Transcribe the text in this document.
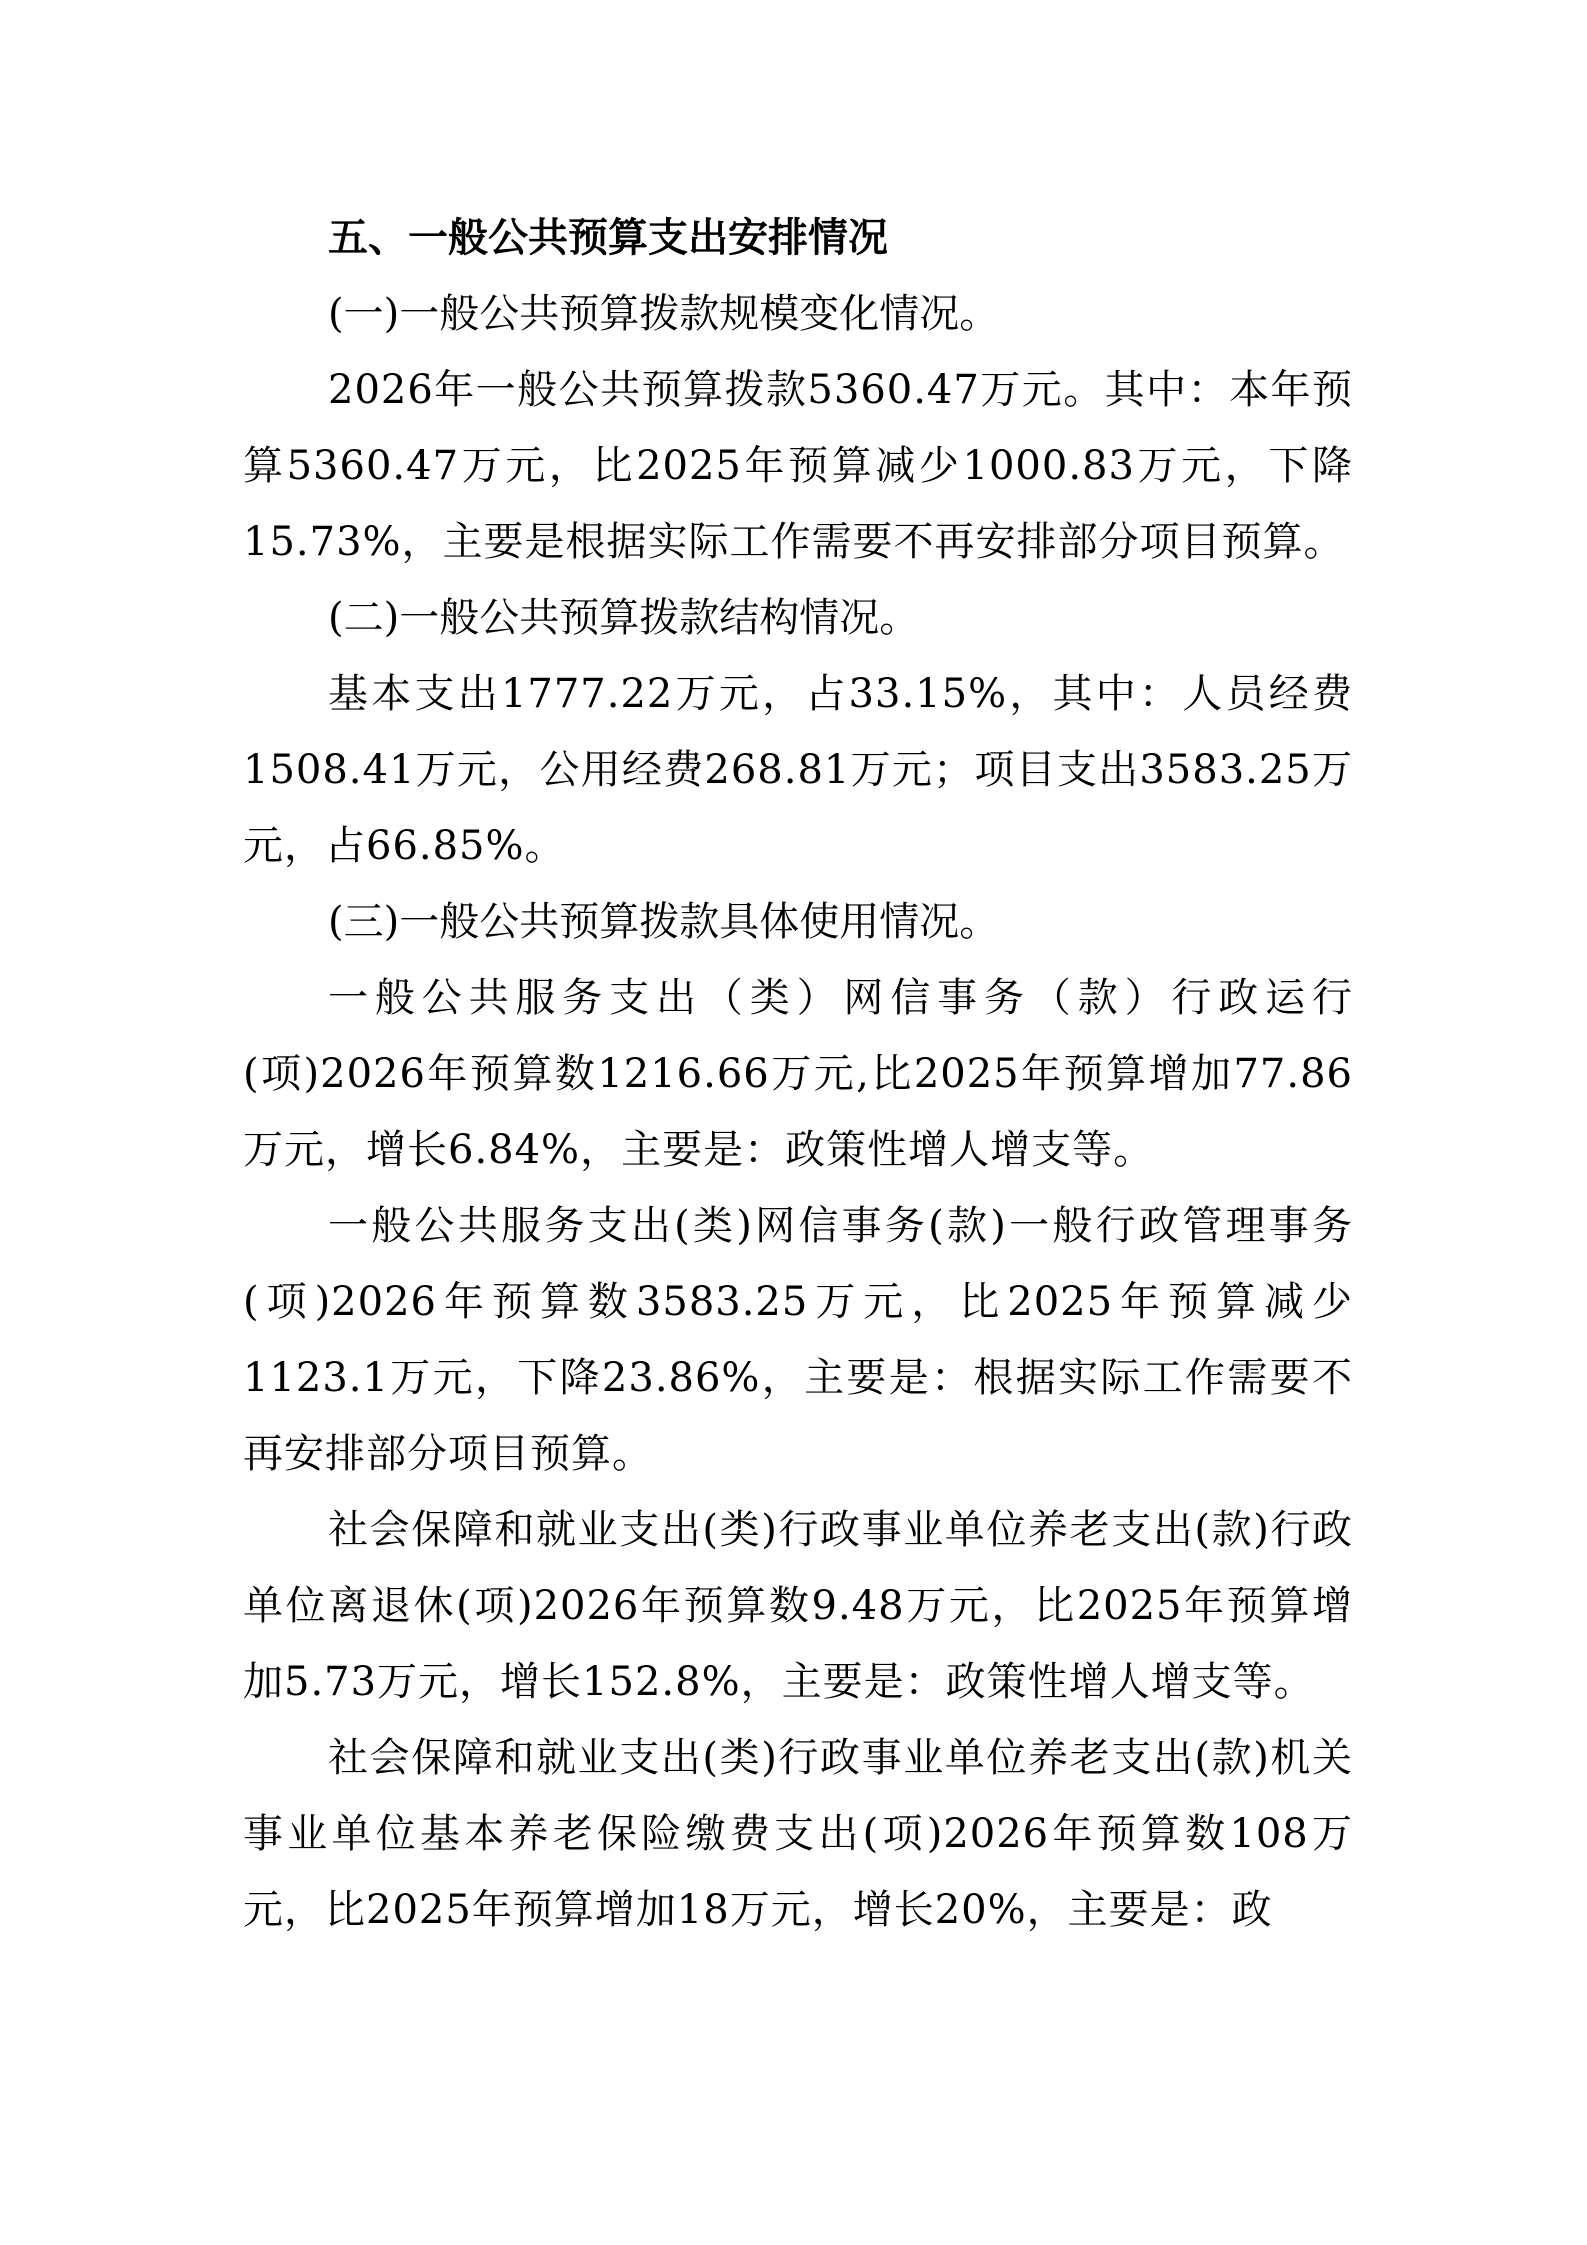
五、一般公共预算支出安排情况

(一)一般公共预算拨款规模变化情况。

2026年一般公共预算拨款5360.47万元。其中：本年预算5360.47万元，比2025年预算减少1000.83万元，下降15.73%，主要是根据实际工作需要不再安排部分项目预算。

(二)一般公共预算拨款结构情况。

基本支出1777.22万元，占33.15%，其中：人员经费1508.41万元，公用经费268.81万元；项目支出3583.25万元，占66.85%。

(三)一般公共预算拨款具体使用情况。

一般公共服务支出（类）网信事务（款）行政运行(项)2026年预算数1216.66万元,比2025年预算增加77.86万元，增长6.84%，主要是：政策性增人增支等。

一般公共服务支出(类)网信事务(款)一般行政管理事务(项)2026年预算数3583.25万元，比2025年预算减少1123.1万元，下降23.86%，主要是：根据实际工作需要不再安排部分项目预算。

社会保障和就业支出(类)行政事业单位养老支出(款)行政单位离退休(项)2026年预算数9.48万元，比2025年预算增加5.73万元，增长152.8%，主要是：政策性增人增支等。

社会保障和就业支出(类)行政事业单位养老支出(款)机关事业单位基本养老保险缴费支出(项)2026年预算数108万元，比2025年预算增加18万元，增长20%，主要是：政
